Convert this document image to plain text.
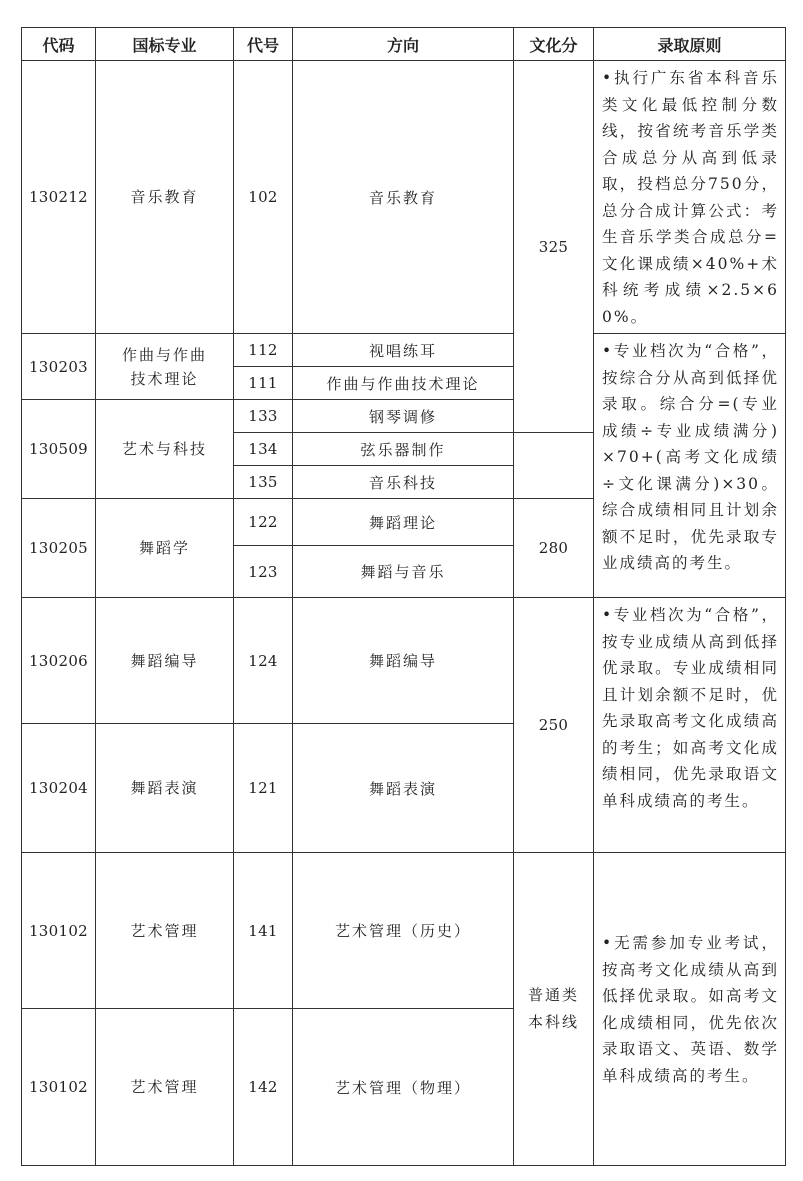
代码	国标专业	代号	方向	文化分	录取原则
130212	音乐教育	102	音乐教育	325	•执行广东省本科音乐类文化最低控制分数线，按省统考音乐学类合成总分从高到低录取，投档总分750分，总分合成计算公式：考生音乐学类合成总分=文化课成绩×40%+术科统考成绩×2.5×60%。
130203	作曲与作曲技术理论	112	视唱练耳		•专业档次为“合格”，按综合分从高到低择优录取。综合分=(专业成绩÷专业成绩满分)×70+(高考文化成绩÷文化课满分)×30。综合成绩相同且计划余额不足时，优先录取专业成绩高的考生。
		111	作曲与作曲技术理论		
130509	艺术与科技	133	钢琴调修		
		134	弦乐器制作		
		135	音乐科技		
130205	舞蹈学	122	舞蹈理论	280	
		123	舞蹈与音乐		
130206	舞蹈编导	124	舞蹈编导	250	•专业档次为“合格”，按专业成绩从高到低择优录取。专业成绩相同且计划余额不足时，优先录取高考文化成绩高的考生；如高考文化成绩相同，优先录取语文单科成绩高的考生。
130204	舞蹈表演	121	舞蹈表演		
130102	艺术管理	141	艺术管理（历史）	普通类本科线	•无需参加专业考试，按高考文化成绩从高到低择优录取。如高考文化成绩相同，优先依次录取语文、英语、数学单科成绩高的考生。
130102	艺术管理	142	艺术管理（物理）		
